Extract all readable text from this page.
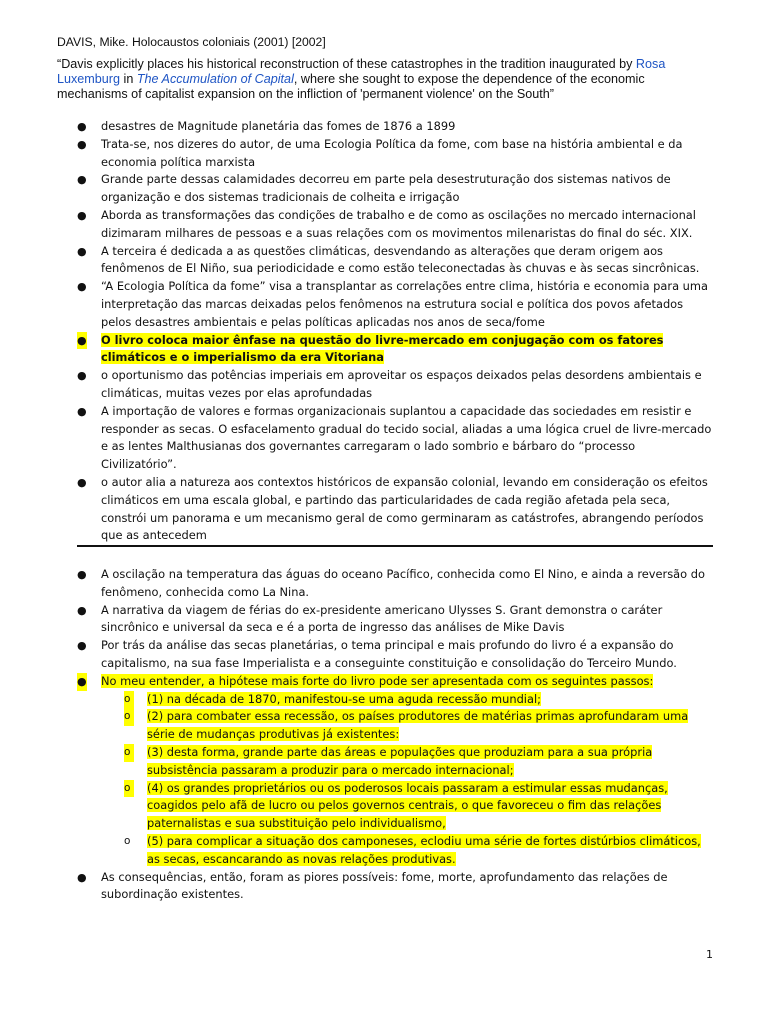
DAVIS, Mike. Holocaustos coloniais (2001) [2002]
“Davis explicitly places his historical reconstruction of these catastrophes in the tradition inaugurated by Rosa Luxemburg in The Accumulation of Capital, where she sought to expose the dependence of the economic mechanisms of capitalist expansion on the infliction of 'permanent violence' on the South”
● desastres de Magnitude planetária das fomes de 1876 a 1899
● Trata-se, nos dizeres do autor, de uma Ecologia Política da fome, com base na história ambiental e da economia política marxista
● Grande parte dessas calamidades decorreu em parte pela desestruturação dos sistemas nativos de organização e dos sistemas tradicionais de colheita e irrigação
● Aborda as transformações das condições de trabalho e de como as oscilações no mercado internacional dizimaram milhares de pessoas e a suas relações com os movimentos milenaristas do final do séc. XIX.
● A terceira é dedicada a as questões climáticas, desvendando as alterações que deram origem aos fenômenos de El Niño, sua periodicidade e como estão teleconectadas às chuvas e às secas sincrônicas.
● “A Ecologia Política da fome” visa a transplantar as correlações entre clima, história e economia para uma interpretação das marcas deixadas pelos fenômenos na estrutura social e política dos povos afetados pelos desastres ambientais e pelas políticas aplicadas nos anos de seca/fome
● O livro coloca maior ênfase na questão do livre-mercado em conjugação com os fatores climáticos e o imperialismo da era Vitoriana
● o oportunismo das potências imperiais em aproveitar os espaços deixados pelas desordens ambientais e climáticas, muitas vezes por elas aprofundadas
● A importação de valores e formas organizacionais suplantou a capacidade das sociedades em resistir e responder as secas. O esfacelamento gradual do tecido social, aliadas a uma lógica cruel de livre-mercado e as lentes Malthusianas dos governantes carregaram o lado sombrio e bárbaro do “processo Civilizatório”.
● o autor alia a natureza aos contextos históricos de expansão colonial, levando em consideração os efeitos climáticos em uma escala global, e partindo das particularidades de cada região afetada pela seca, constrói um panorama e um mecanismo geral de como germinaram as catástrofes, abrangendo períodos que as antecedem
● A oscilação na temperatura das águas do oceano Pacífico, conhecida como El Nino, e ainda a reversão do fenômeno, conhecida como La Nina.
● A narrativa da viagem de férias do ex-presidente americano Ulysses S. Grant demonstra o caráter sincrônico e universal da seca e é a porta de ingresso das análises de Mike Davis
● Por trás da análise das secas planetárias, o tema principal e mais profundo do livro é a expansão do capitalismo, na sua fase Imperialista e a conseguinte constituição e consolidação do Terceiro Mundo.
● No meu entender, a hipótese mais forte do livro pode ser apresentada com os seguintes passos:
o	(1) na década de 1870, manifestou-se uma aguda recessão mundial;
o	(2) para combater essa recessão, os países produtores de matérias primas aprofundaram uma série de mudanças produtivas já existentes:
o	(3) desta forma, grande parte das áreas e populações que produziam para a sua própria subsistência passaram a produzir para o mercado internacional;
o	(4) os grandes proprietários ou os poderosos locais passaram a estimular essas mudanças, coagidos pelo afã de lucro ou pelos governos centrais, o que favoreceu o fim das relações paternalistas e sua substituição pelo individualismo,
o	(5) para complicar a situação dos camponeses, eclodiu uma série de fortes distúrbios climáticos, as secas, escancarando as novas relações produtivas.
● As consequências, então, foram as piores possíveis: fome, morte, aprofundamento das relações de subordinação existentes.
1
